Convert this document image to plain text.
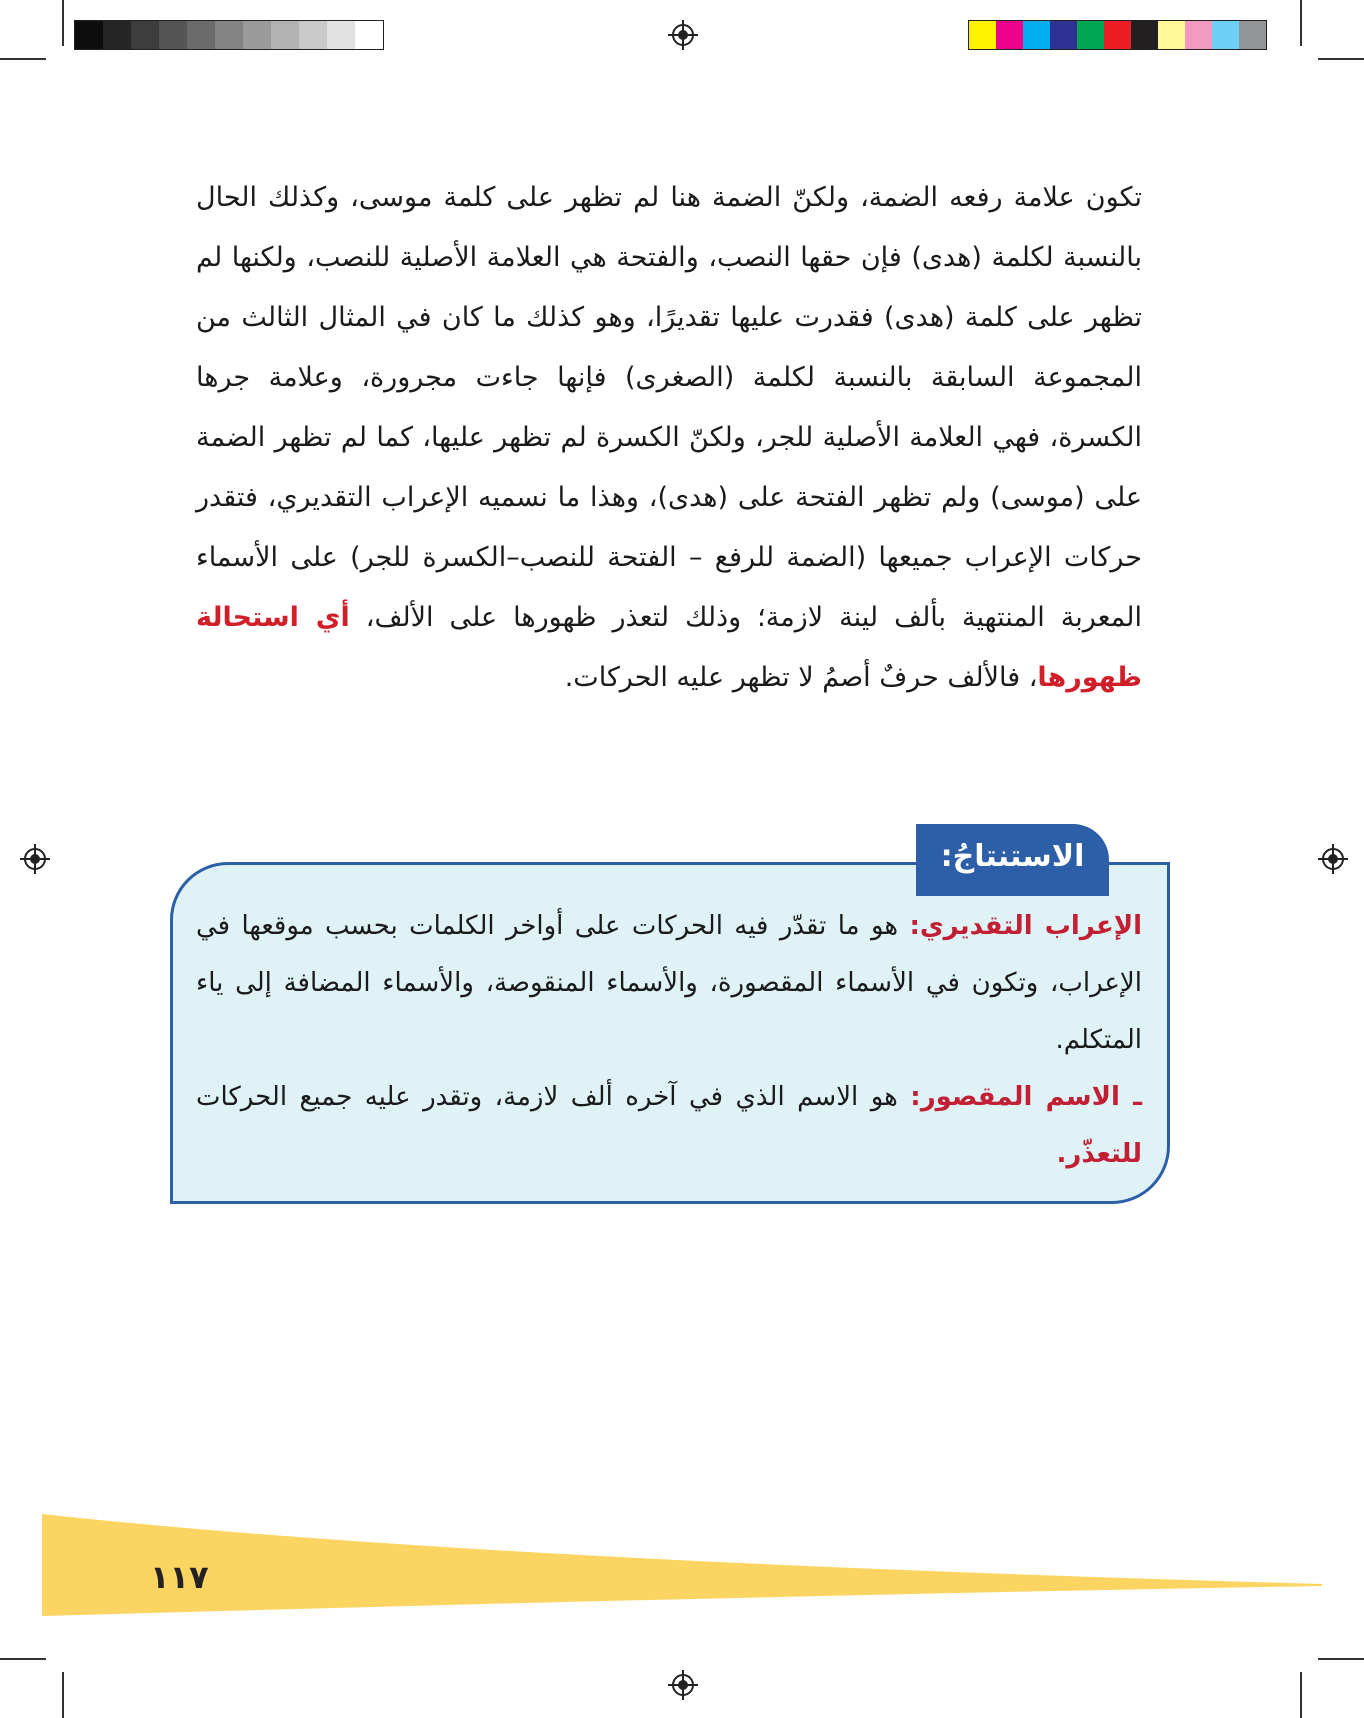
تكون علامة رفعه الضمة، ولكنّ الضمة هنا لم تظهر على كلمة موسى، وكذلك الحال بالنسبة لكلمة (هدى) فإن حقها النصب، والفتحة هي العلامة الأصلية للنصب، ولكنها لم تظهر على كلمة (هدى) فقدرت عليها تقديرًا، وهو كذلك ما كان في المثال الثالث من المجموعة السابقة بالنسبة لكلمة (الصغرى) فإنها جاءت مجرورة، وعلامة جرها الكسرة، فهي العلامة الأصلية للجر، ولكنّ الكسرة لم تظهر عليها، كما لم تظهر الضمة على (موسى) ولم تظهر الفتحة على (هدى)، وهذا ما نسميه الإعراب التقديري، فتقدر حركات الإعراب جميعها (الضمة للرفع – الفتحة للنصب–الكسرة للجر) على الأسماء المعربة المنتهية بألف لينة لازمة؛ وذلك لتعذر ظهورها على الألف، أي استحالة ظهورها، فالألف حرفٌ أصمُ لا تظهر عليه الحركات.

الاستنتاجُ:
الإعراب التقديري: هو ما تقدّر فيه الحركات على أواخر الكلمات بحسب موقعها في الإعراب، وتكون في الأسماء المقصورة، والأسماء المنقوصة، والأسماء المضافة إلى ياء المتكلم.
ـ الاسم المقصور: هو الاسم الذي في آخره ألف لازمة، وتقدر عليه جميع الحركات للتعذّر.
١١٧
